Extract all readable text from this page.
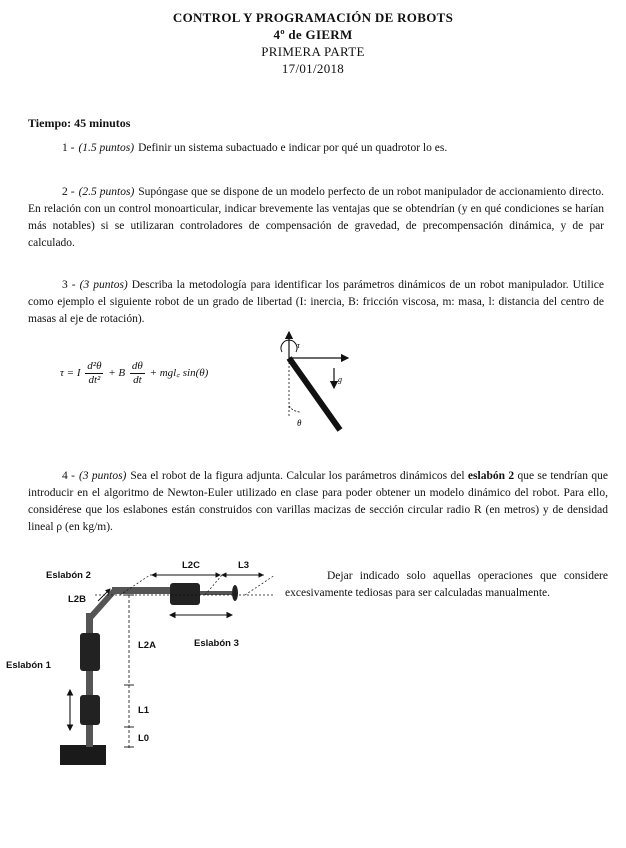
CONTROL Y PROGRAMACIÓN DE ROBOTS
4º de GIERM
PRIMERA PARTE
17/01/2018
Tiempo: 45 minutos
1 - (1.5 puntos) Definir un sistema subactuado e indicar por qué un quadrotor lo es.
2 - (2.5 puntos) Supóngase que se dispone de un modelo perfecto de un robot manipulador de accionamiento directo. En relación con un control monoarticular, indicar brevemente las ventajas que se obtendrían (y en qué condiciones se harían más notables) si se utilizaran controladores de compensación de gravedad, de precompensación dinámica, y de par calculado.
3 - (3 puntos) Describa la metodología para identificar los parámetros dinámicos de un robot manipulador. Utilice como ejemplo el siguiente robot de un grado de libertad (I: inercia, B: fricción viscosa, m: masa, l: distancia del centro de masas al eje de rotación).
τ = I $\frac{\text{d²θ}}{\text{dt²}} + B \frac{d\theta}{dt}$ + mgl꜀ sin(θ)
τ
θ
g
4 - (3 puntos) Sea el robot de la figura adjunta. Calcular los parámetros dinámicos del eslabón 2 que se tendrían que introducir en el algoritmo de Newton-Euler utilizado en clase para poder obtener un modelo dinámico del robot. Para ello, considérese que los eslabones están construidos con varillas macizas de sección circular radio R (en metros) y de densidad lineal ρ (en kg/m).
Dejar indicado solo aquellas operaciones que considere excesivamente tediosas para ser calculadas manualmente.
Eslabón 2
Eslabón 1
Eslabón 3
L2C	L3
L2B
L2A
L1
L0
